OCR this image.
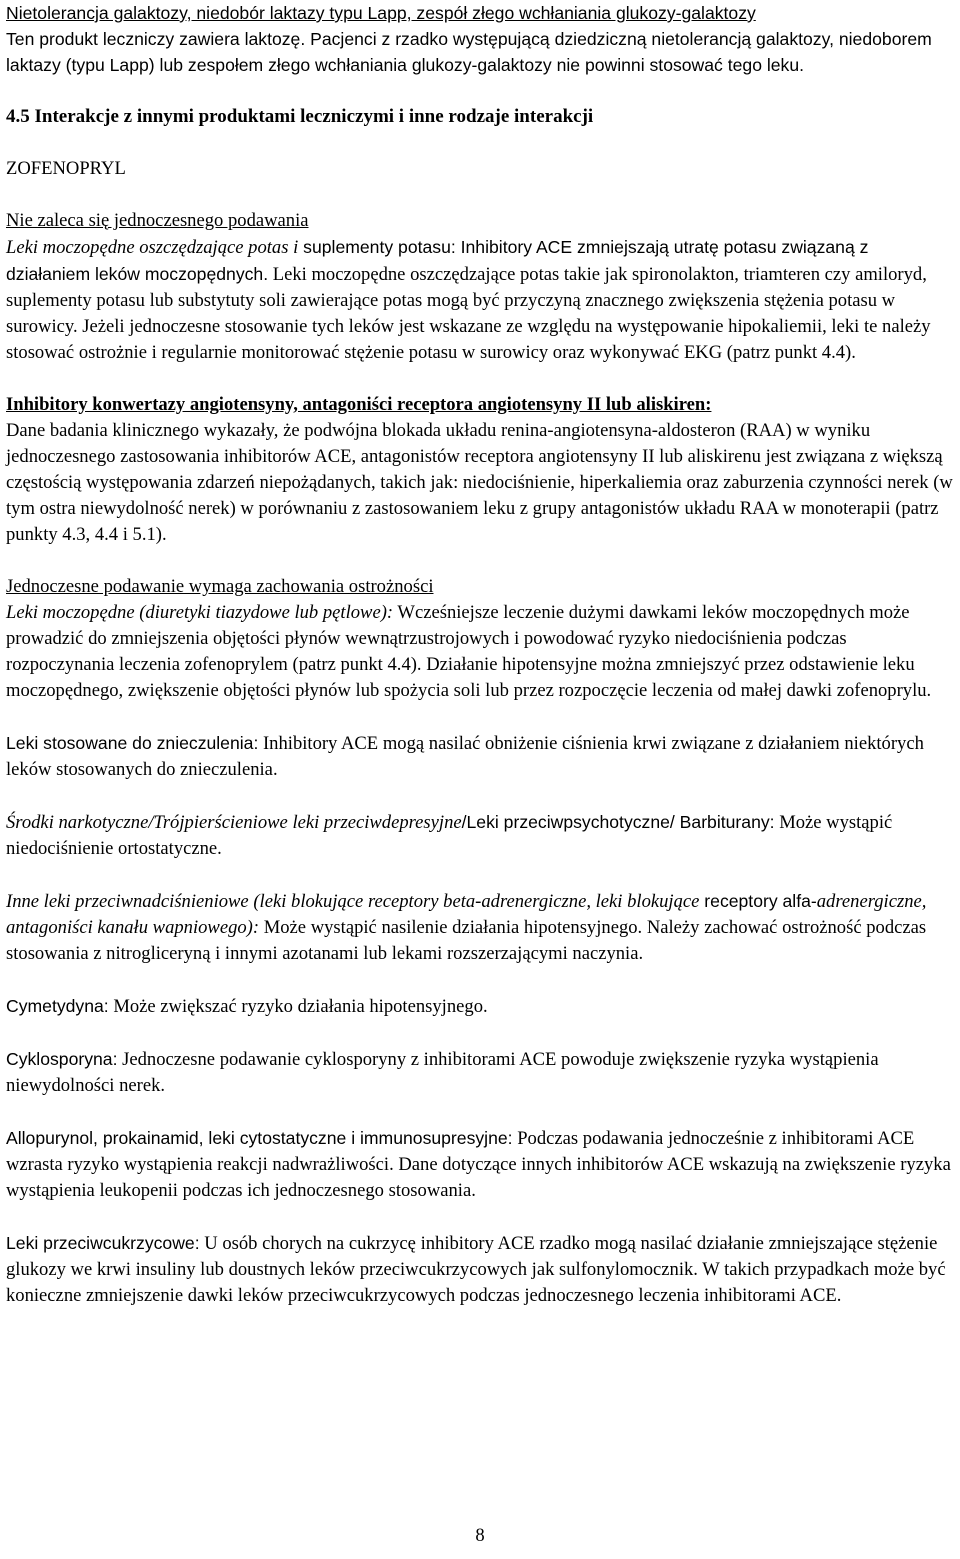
Nietolerancja galaktozy, niedobór laktazy typu Lapp, zespół złego wchłaniania glukozy-galaktozy
Ten produkt leczniczy zawiera laktozę. Pacjenci z rzadko występującą dziedziczną nietolerancją galaktozy, niedoborem laktazy (typu Lapp) lub zespołem złego wchłaniania glukozy-galaktozy nie powinni stosować tego leku.

4.5 Interakcje z innymi produktami leczniczymi i inne rodzaje interakcji

ZOFENOPRYL

Nie zaleca się jednoczesnego podawania

Leki moczopędne oszczędzające potas i suplementy potasu: Inhibitory ACE zmniejszają utratę potasu związaną z działaniem leków moczopędnych. Leki moczopędne oszczędzające potas takie jak spironolakton, triamteren czy amiloryd, suplementy potasu lub substytuty soli zawierające potas mogą być przyczyną znacznego zwiększenia stężenia potasu w surowicy. Jeżeli jednoczesne stosowanie tych leków jest wskazane ze względu na występowanie hipokaliemii, leki te należy stosować ostrożnie i regularnie monitorować stężenie potasu w surowicy oraz wykonywać EKG (patrz punkt 4.4).

Inhibitory konwertazy angiotensyny, antagoniści receptora angiotensyny II lub aliskiren:

Dane badania klinicznego wykazały, że podwójna blokada układu renina-angiotensyna-aldosteron (RAA) w wyniku jednoczesnego zastosowania inhibitorów ACE, antagonistów receptora angiotensyny II lub aliskirenu jest związana z większą częstością występowania zdarzeń niepożądanych, takich jak: niedociśnienie, hiperkaliemia oraz zaburzenia czynności nerek (w tym ostra niewydolność nerek) w porównaniu z zastosowaniem leku z grupy antagonistów układu RAA w monoterapii (patrz punkty 4.3, 4.4 i 5.1).

Jednoczesne podawanie wymaga zachowania ostrożności

Leki moczopędne (diuretyki tiazydowe lub pętlowe): Wcześniejsze leczenie dużymi dawkami leków moczopędnych może prowadzić do zmniejszenia objętości płynów wewnątrzustrojowych i powodować ryzyko niedociśnienia podczas rozpoczynania leczenia zofenoprylem (patrz punkt 4.4). Działanie hipotensyjne można zmniejszyć przez odstawienie leku moczopędnego, zwiększenie objętości płynów lub spożycia soli lub przez rozpoczęcie leczenia od małej dawki zofenoprylu.

Leki stosowane do znieczulenia: Inhibitory ACE mogą nasilać obniżenie ciśnienia krwi związane z działaniem niektórych leków stosowanych do znieczulenia.

Środki narkotyczne/Trójpierścieniowe leki przeciwdepresyjne/Leki przeciwpsychotyczne/ Barbiturany: Może wystąpić niedociśnienie ortostatyczne.

Inne leki przeciwnadciśnieniowe (leki blokujące receptory beta-adrenergiczne, leki blokujące receptory alfa-adrenergiczne, antagoniści kanału wapniowego): Może wystąpić nasilenie działania hipotensyjnego. Należy zachować ostrożność podczas stosowania z nitrogliceryną i innymi azotanami lub lekami rozszerzającymi naczynia.

Cymetydyna: Może zwiększać ryzyko działania hipotensyjnego.

Cyklosporyna: Jednoczesne podawanie cyklosporyny z inhibitorami ACE powoduje zwiększenie ryzyka wystąpienia niewydolności nerek.

Allopurynol, prokainamid, leki cytostatyczne i immunosupresyjne: Podczas podawania jednocześnie z inhibitorami ACE wzrasta ryzyko wystąpienia reakcji nadwrażliwości. Dane dotyczące innych inhibitorów ACE wskazują na zwiększenie ryzyka wystąpienia leukopenii podczas ich jednoczesnego stosowania.

Leki przeciwcukrzycowe: U osób chorych na cukrzycę inhibitory ACE rzadko mogą nasilać działanie zmniejszające stężenie glukozy we krwi insuliny lub doustnych leków przeciwcukrzycowych jak sulfonylomocznik. W takich przypadkach może być konieczne zmniejszenie dawki leków przeciwcukrzycowych podczas jednoczesnego leczenia inhibitorami ACE.

8
